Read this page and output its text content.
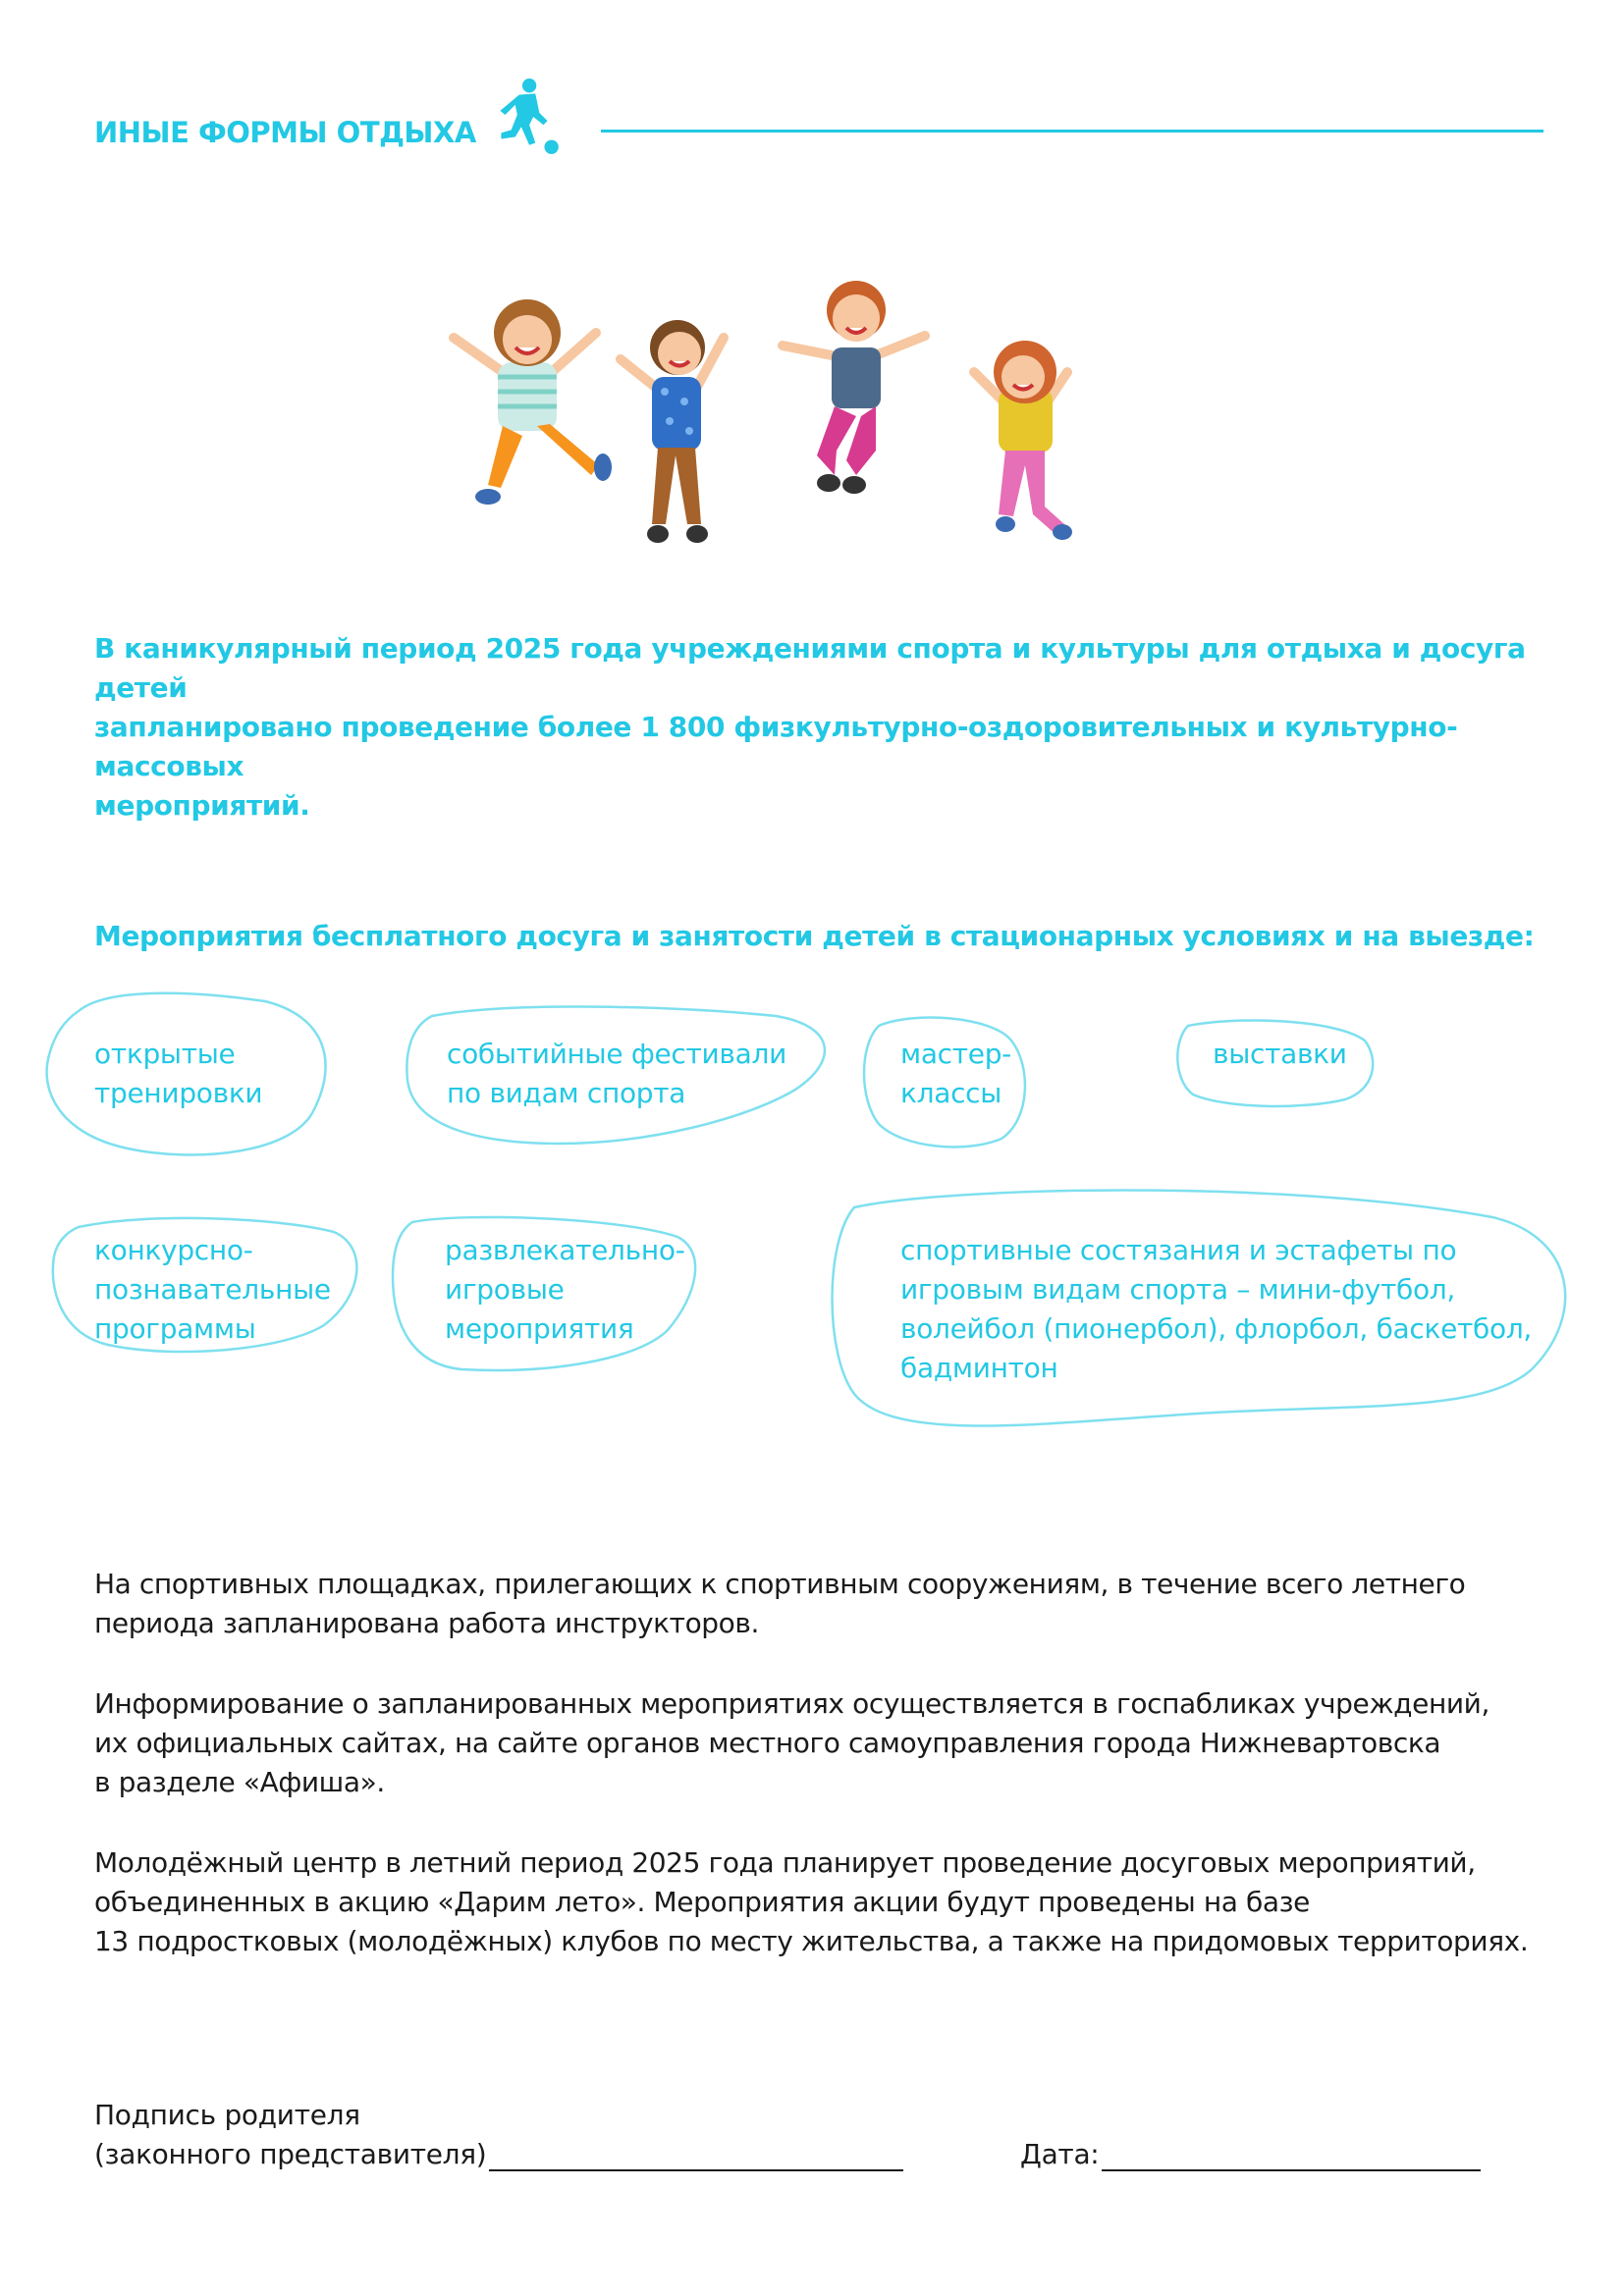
ИНЫЕ ФОРМЫ ОТДЫХА

В каникулярный период 2025 года учреждениями спорта и культуры для отдыха и досуга детей
запланировано проведение более 1 800 физкультурно-оздоровительных и культурно-массовых
мероприятий.

Мероприятия бесплатного досуга и занятости детей в стационарных условиях и на выезде:

открытые
тренировки
событийные фестивали
по видам спорта
мастер-
классы
выставки
конкурсно-
познавательные
программы
развлекательно-
игровые
мероприятия
спортивные состязания и эстафеты по
игровым видам спорта – мини-футбол,
волейбол (пионербол), флорбол, баскетбол,
бадминтон

На спортивных площадках, прилегающих к спортивным сооружениям, в течение всего летнего
периода запланирована работа инструкторов.

Информирование о запланированных мероприятиях осуществляется в госпабликах учреждений,
их официальных сайтах, на сайте органов местного самоуправления города Нижневартовска
в разделе «Афиша».

Молодёжный центр в летний период 2025 года планирует проведение досуговых мероприятий,
объединенных в акцию «Дарим лето». Мероприятия акции будут проведены на базе
13 подростковых (молодёжных) клубов по месту жительства, а также на придомовых территориях.

Подпись родителя
(законного представителя)	Дата:
